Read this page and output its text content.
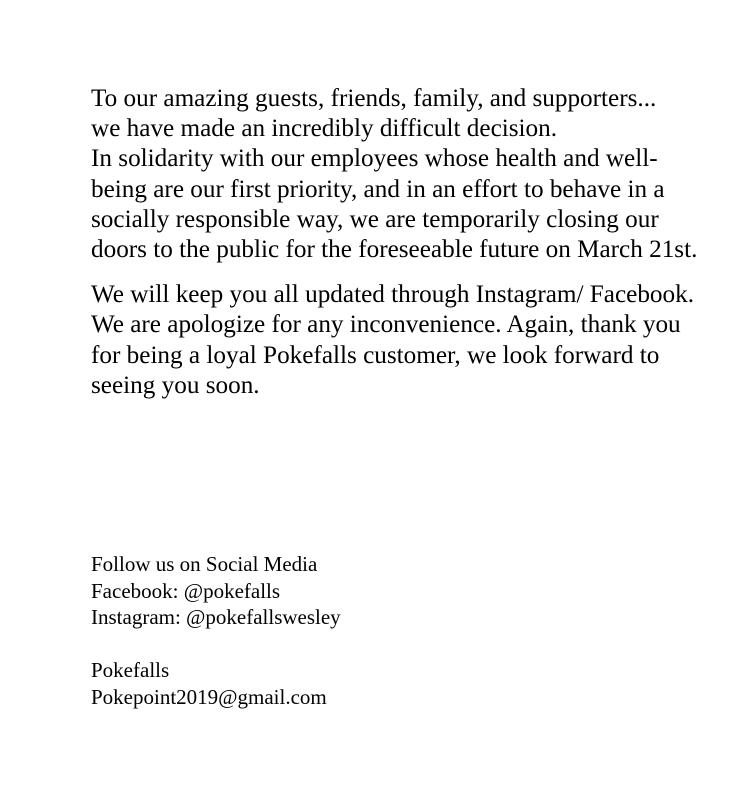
To our amazing guests, friends, family, and supporters...

we have made an incredibly difficult decision.

In solidarity with our employees whose health and well-being are our first priority, and in an effort to behave in a socially responsible way, we are temporarily closing our doors to the public for the foreseeable future on March 21st.

We will keep you all updated through Instagram/ Facebook. We are apologize for any inconvenience. Again, thank you for being a loyal Pokefalls customer, we look forward to seeing you soon.

Follow us on Social Media
Facebook: @pokefalls
Instagram: @pokefallswesley
Pokefalls
Pokepoint2019@gmail.com
